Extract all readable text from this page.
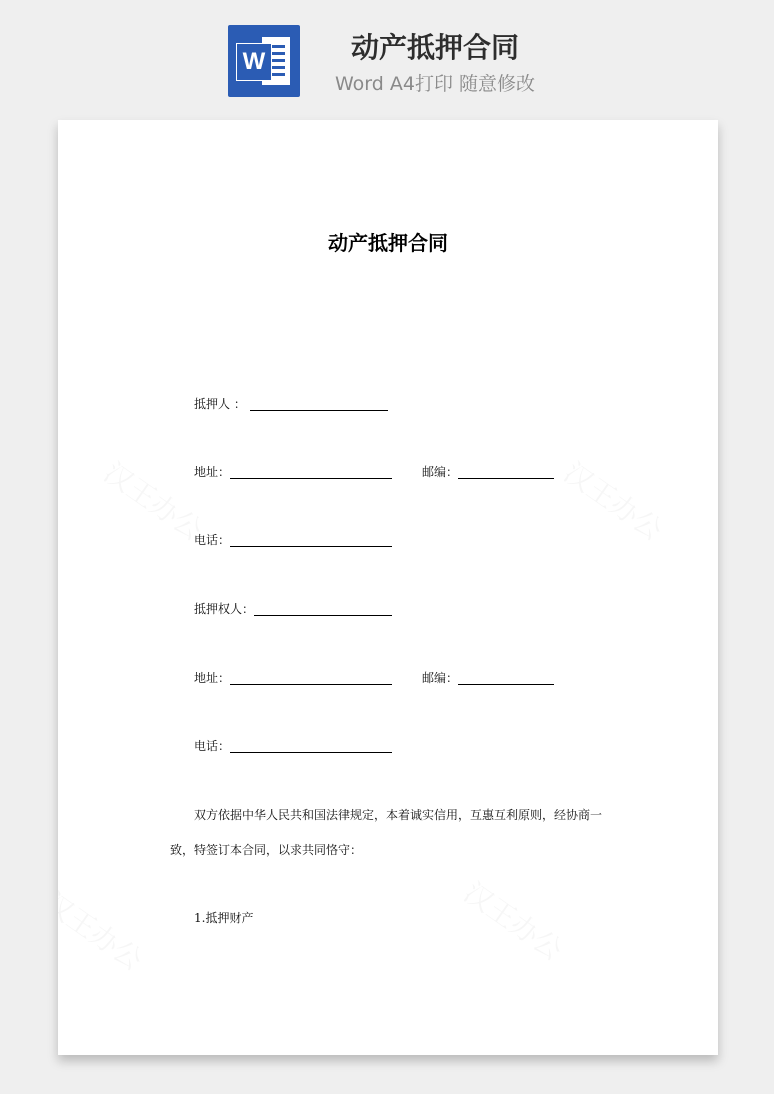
W	动产抵押合同
Word A4打印 随意修改
动产抵押合同
抵押人 ：
地址：	邮编：
电话：
抵押权人：
地址：	邮编：
电话：
双方依据中华人民共和国法律规定，本着诚实信用，互惠互利原则，经协商一
致，特签订本合同，以求共同恪守：
1.抵押财产
